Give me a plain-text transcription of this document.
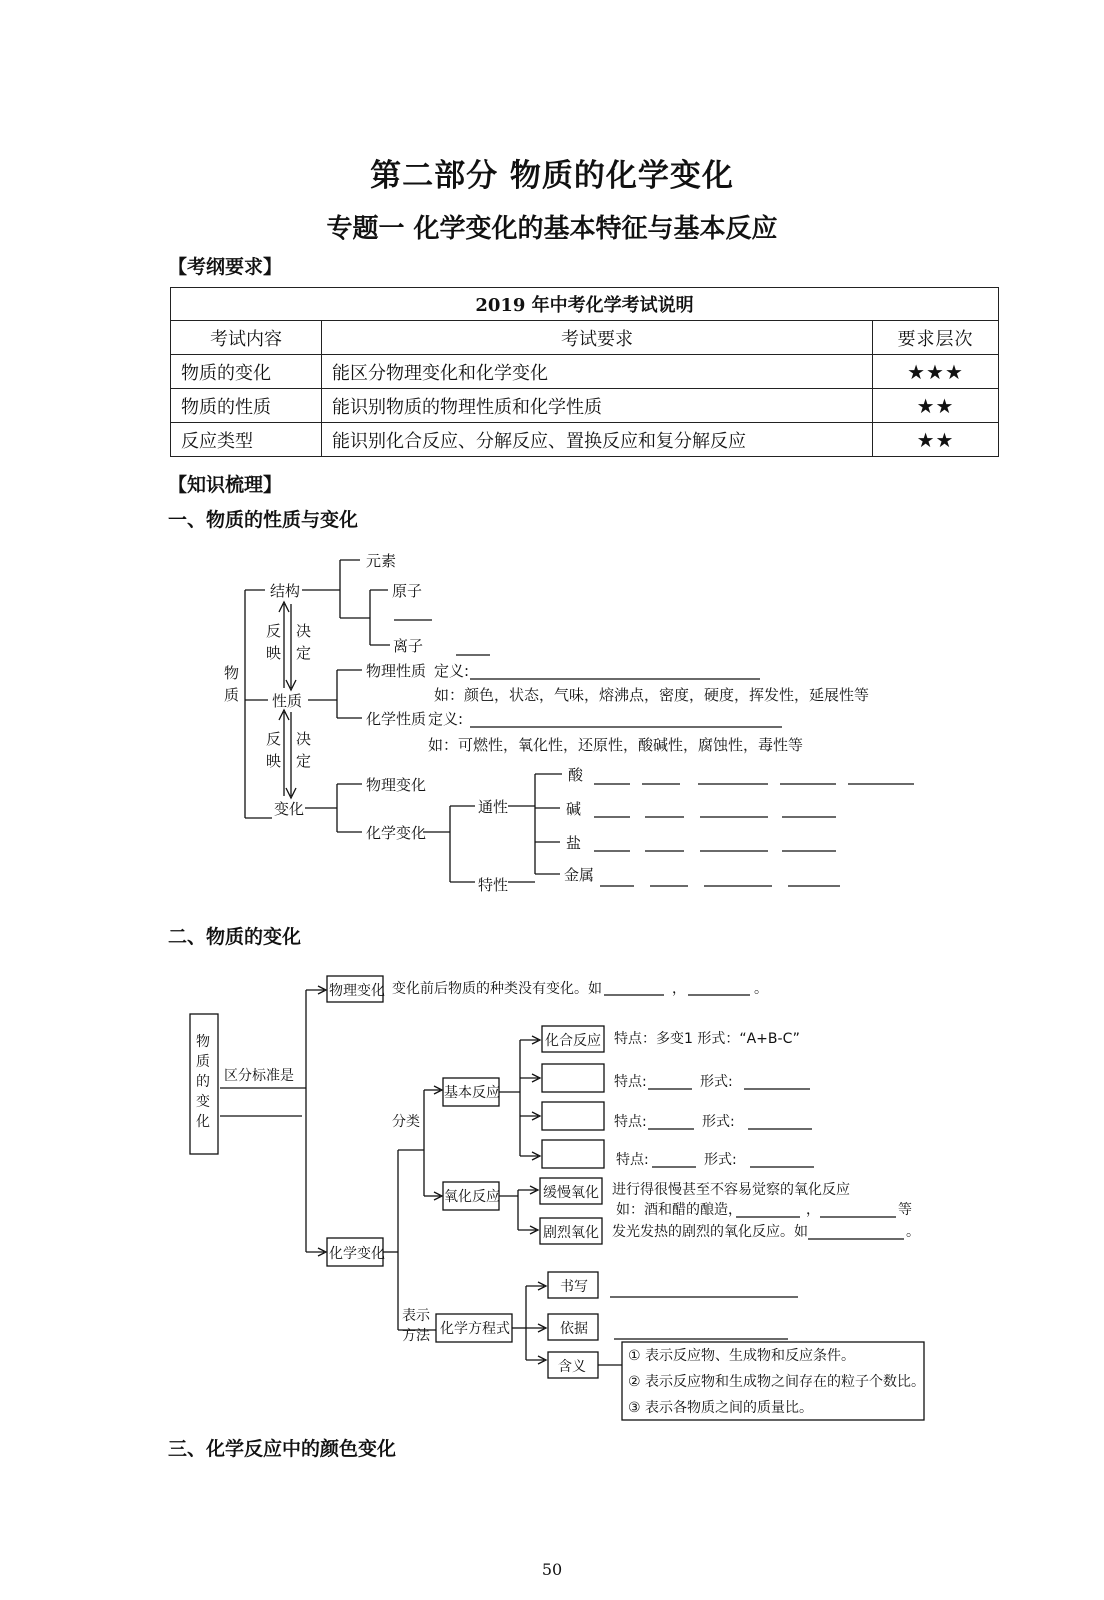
第二部分 物质的化学变化
专题一 化学变化的基本特征与基本反应
【考纲要求】
2019 年中考化学考试说明		
考试内容	考试要求	要求层次
物质的变化	能区分物理变化和化学变化	★★★
物质的性质	能识别物质的物理性质和化学性质	★★
反应类型	能识别化合反应、分解反应、置换反应和复分解反应	★★
【知识梳理】
一、物质的性质与变化
物质
结构
元素
原子
离子
反映
决定
性质
物理性质 定义:
如：颜色，状态，气味，熔沸点，密度，硬度，挥发性，延展性等
化学性质 定义:
如：可燃性，氧化性，还原性，酸碱性，腐蚀性，毒性等
反映
决定
变化
物理变化
化学变化
通性
特性
酸
碱
盐
金属
二、物质的变化
物质的变化
区分标准是
物理变化 变化前后物质的种类没有变化。如	，	。
化学变化
分类
基本反应
化合反应 特点：多变1 形式：“A+B-C”
特点:	形式:
特点:	形式:
特点:	形式:
氧化反应	缓慢氧化 进行得很慢甚至不容易觉察的氧化反应
如：酒和醋的酿造，	，	等
剧烈氧化 发光发热的剧烈的氧化反应。如	。
表示
方法 化学方程式
书写
依据
含义
① 表示反应物、生成物和反应条件。
② 表示反应物和生成物之间存在的粒子个数比。
③ 表示各物质之间的质量比。
三、化学反应中的颜色变化
50
